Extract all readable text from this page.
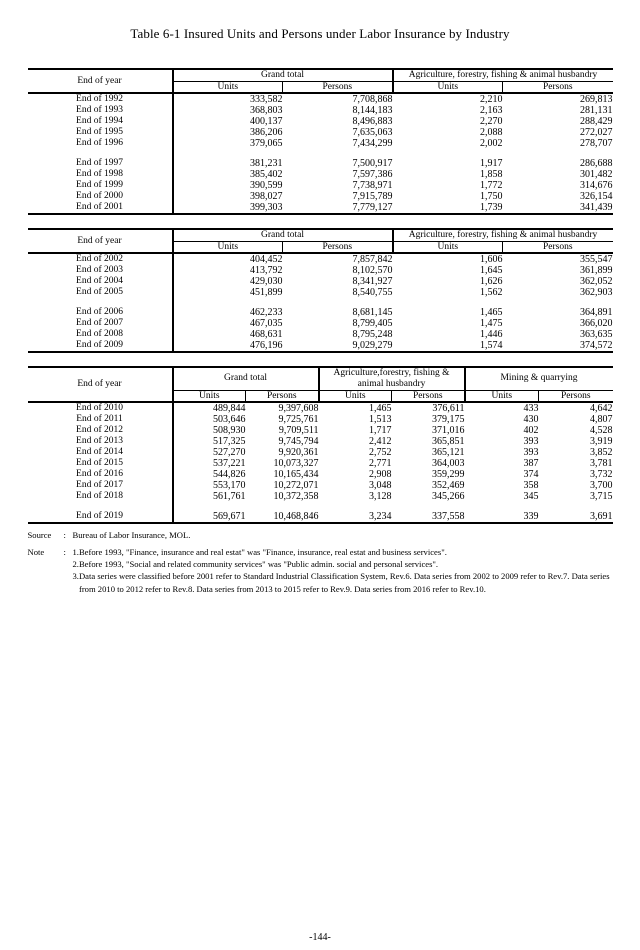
Table 6-1 Insured Units and Persons under Labor Insurance by Industry
End of year	Grand total		Agriculture, forestry, fishing & animal husbandry	
	Units	Persons	Units	Persons
End of 1992	333,582	7,708,868	2,210	269,813
End of 1993	368,803	8,144,183	2,163	281,131
End of 1994	400,137	8,496,883	2,270	288,429
End of 1995	386,206	7,635,063	2,088	272,027
End of 1996	379,065	7,434,299	2,002	278,707

End of 1997	381,231	7,500,917	1,917	286,688
End of 1998	385,402	7,597,386	1,858	301,482
End of 1999	390,599	7,738,971	1,772	314,676
End of 2000	398,027	7,915,789	1,750	326,154
End of 2001	399,303	7,779,127	1,739	341,439
End of year	Grand total		Agriculture, forestry, fishing & animal husbandry	
	Units	Persons	Units	Persons
End of 2002	404,452	7,857,842	1,606	355,547
End of 2003	413,792	8,102,570	1,645	361,899
End of 2004	429,030	8,341,927	1,626	362,052
End of 2005	451,899	8,540,755	1,562	362,903

End of 2006	462,233	8,681,145	1,465	364,891
End of 2007	467,035	8,799,405	1,475	366,020
End of 2008	468,631	8,795,248	1,446	363,635
End of 2009	476,196	9,029,279	1,574	374,572
End of year	Grand total		Agriculture,forestry, fishing &
animal husbandry		Mining & quarrying	
	Units	Persons	Units	Persons	Units	Persons
End of 2010	489,844	9,397,608	1,465	376,611	433	4,642
End of 2011	503,646	9,725,761	1,513	379,175	430	4,807
End of 2012	508,930	9,709,511	1,717	371,016	402	4,528
End of 2013	517,325	9,745,794	2,412	365,851	393	3,919
End of 2014	527,270	9,920,361	2,752	365,121	393	3,852
End of 2015	537,221	10,073,327	2,771	364,003	387	3,781
End of 2016	544,826	10,165,434	2,908	359,299	374	3,732
End of 2017	553,170	10,272,071	3,048	352,469	358	3,700
End of 2018	561,761	10,372,358	3,128	345,266	345	3,715

End of 2019	569,671	10,468,846	3,234	337,558	339	3,691
Source	: Bureau of Labor Insurance, MOL.
Note	: 1. Before 1993, "Finance, insurance and real estat" was "Finance, insurance, real estat and business services".
2. Before 1993, "Social and related community services" was "Public admin. social and personal services".
3. Data series were classified before 2001 refer to Standard Industrial Classification System, Rev.6. Data series from 2002 to 2009 refer to Rev.7. Data series from 2010 to 2012 refer to Rev.8. Data series from 2013 to 2015 refer to Rev.9. Data series from 2016 refer to Rev.10.
-144-
